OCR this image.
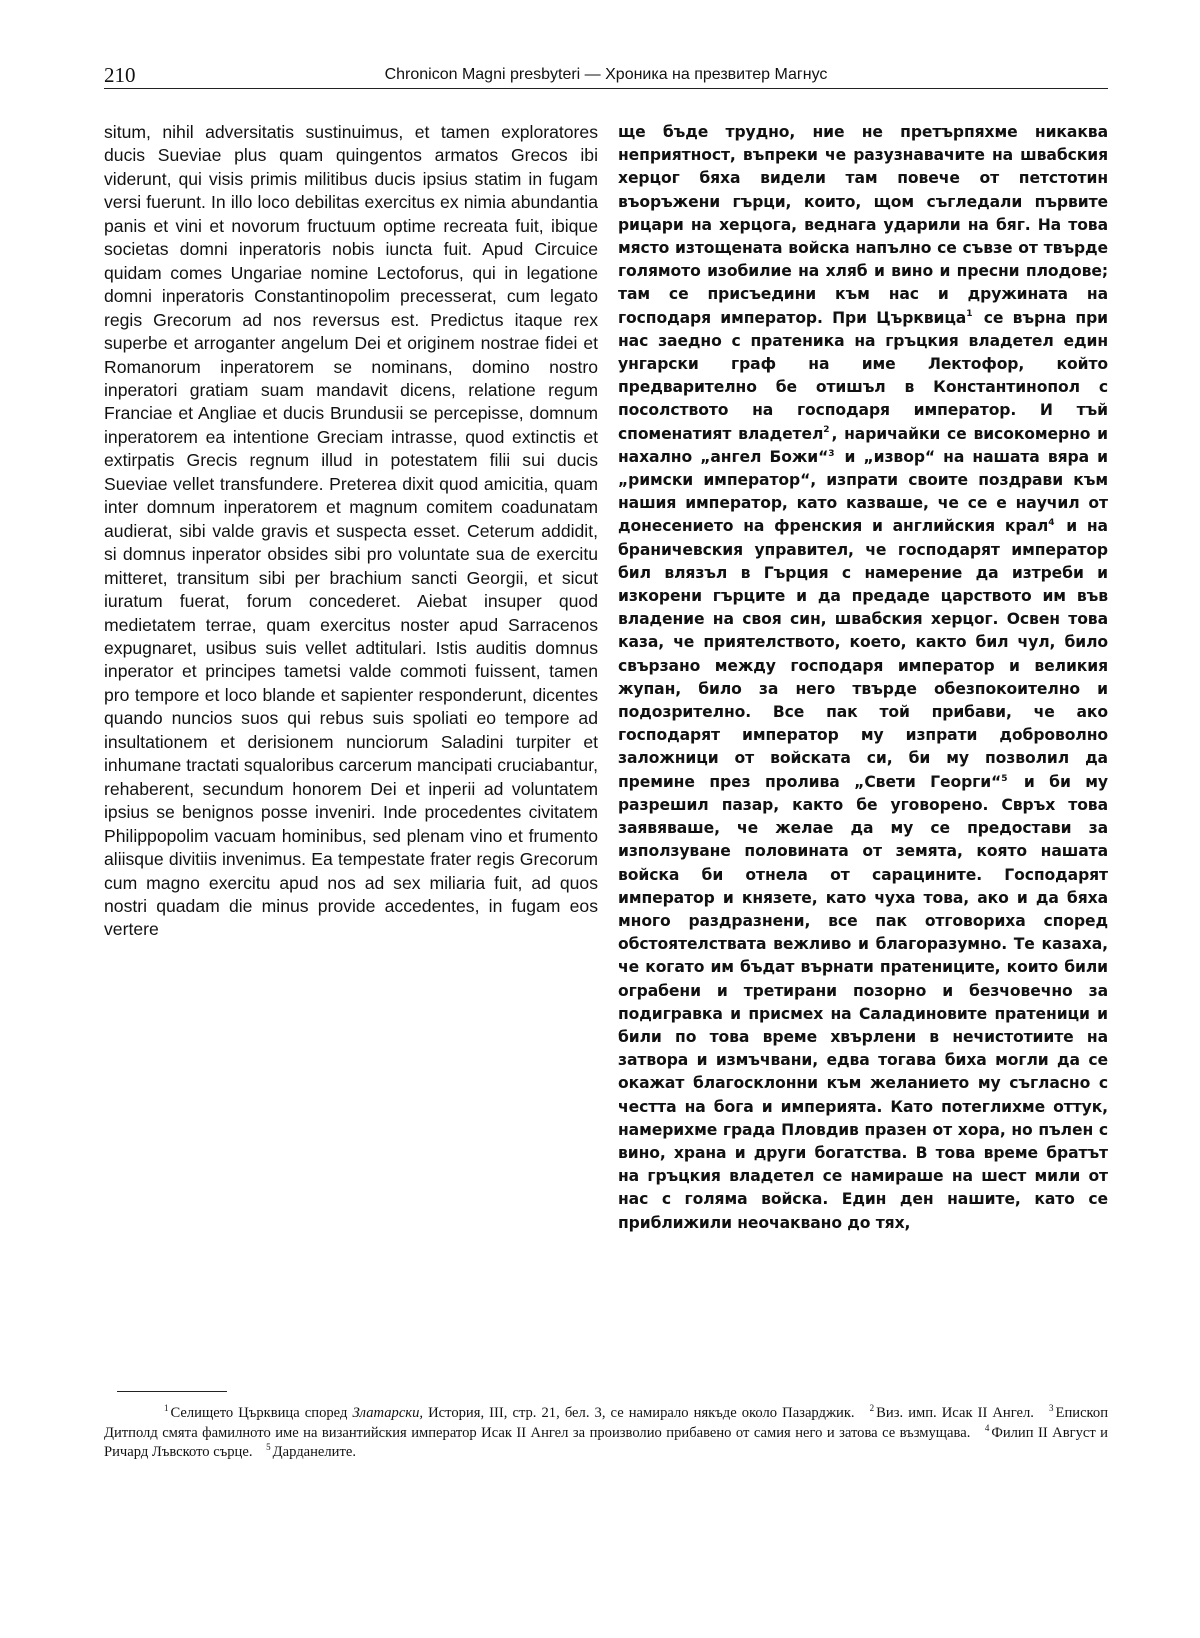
210	Chronicon Magni presbyteri — Хроника на презвитер Магнус

situm, nihil adversitatis sustinuimus, et tamen exploratores ducis Sueviae plus quam quingentos armatos Grecos ibi viderunt, qui visis primis militibus ducis ipsius statim in fugam versi fuerunt. In illo loco debilitas exercitus ex nimia abundantia panis et vini et novorum fructuum optime recreata fuit, ibique societas domni inperatoris nobis iuncta fuit. Apud Circuice quidam comes Ungariae nomine Lectoforus, qui in legatione domni inperatoris Constantinopolim precesserat, cum legato regis Grecorum ad nos reversus est. Predictus itaque rex superbe et arroganter angelum Dei et originem nostrae fidei et Romanorum inperatorem se nominans, domino nostro inperatori gratiam suam mandavit dicens, relatione regum Franciae et Angliae et ducis Brundusii se percepisse, domnum inperatorem ea intentione Greciam intrasse, quod extinctis et extirpatis Grecis regnum illud in potestatem filii sui ducis Sueviae vellet transfundere. Preterea dixit quod amicitia, quam inter domnum inperatorem et magnum comitem coadunatam audierat, sibi valde gravis et suspecta esset. Ceterum addidit, si domnus inperator obsides sibi pro voluntate sua de exercitu mitteret, transitum sibi per brachium sancti Georgii, et sicut iuratum fuerat, forum concederet. Aiebat insuper quod medietatem terrae, quam exercitus noster apud Sarracenos expugnaret, usibus suis vellet adtitulari. Istis auditis domnus inperator et principes tametsi valde commoti fuissent, tamen pro tempore et loco blande et sapienter responderunt, dicentes quando nuncios suos qui rebus suis spoliati eo tempore ad insultationem et derisionem nunciorum Saladini turpiter et inhumane tractati squaloribus carcerum mancipati cruciabantur, rehaberent, secundum honorem Dei et inperii ad voluntatem ipsius se benignos posse inveniri. Inde procedentes civitatem Philippopolim vacuam hominibus, sed plenam vino et frumento aliisque divitiis invenimus. Ea tempestate frater regis Grecorum cum magno exercitu apud nos ad sex miliaria fuit, ad quos nostri quadam die minus provide accedentes, in fugam eos vertere

ще бъде трудно, ние не претърпяхме никаква неприятност, въпреки че разузнавачите на швабския херцог бяха видели там повече от петстотин въоръжени гърци, които, щом съгледали първите рицари на херцога, веднага ударили на бяг. На това място изтощената войска напълно се съвзе от твърде голямото изобилие на хляб и вино и пресни плодове; там се присъедини към нас и дружината на господаря император. При Църквица$^1$ се върна при нас заедно с пратеника на гръцкия владетел един унгарски граф на име Лектофор, който предварително бе отишъл в Константинопол с посолството на господаря император. И тъй споменатият владетел$^2$ , наричайки се високомерно и нахално „ангел Божи“$^3$ и „извор“ на нашата вяра и „римски император“, изпрати своите поздрави към нашия император, като казваше, че се е научил от донесението на френския и английския крал$^4$ и на браничевския управител, че господарят император бил влязъл в Гърция с намерение да изтреби и изкорени гърците и да предаде царството им във владение на своя син, швабския херцог. Освен това каза, че приятелството, което, както бил чул, било свързано между господаря император и великия жупан, било за него твърде обезпокоително и подозрително. Все пак той прибави, че ако господарят император му изпрати доброволно заложници от войската си, би му позволил да премине през пролива „Свети Георги“$^5$ и би му разрешил пазар, както бе уговорено. Свръх това заявяваше, че желае да му се предостави за използуване половината от земята, която нашата войска би отнела от сарацините. Господарят император и князете, като чуха това, ако и да бяха много раздразнени, все пак отговориха според обстоятелствата вежливо и благоразумно. Те казаха, че когато им бъдат върнати пратениците, които били ограбени и третирани позорно и безчовечно за подигравка и присмех на Саладиновите пратеници и били по това време хвърлени в нечистотиите на затвора и измъчвани, едва тогава биха могли да се окажат благосклонни към желанието му съгласно с честта на бога и империята. Като потеглихме оттук, намерихме града Пловдив празен от хора, но пълен с вино, храна и други богатства. В това време братът на гръцкия владетел се намираше на шест мили от нас с голяма войска. Един ден нашите, като се приближили неочаквано до тях,

$^1$ Селището Църквица според Златарски, История, III, стр. 21, бел. 3, се намирало някъде около Пазарджик. $^2$ Виз. имп. Исак II Ангел. $^3$ Епископ Дитполд смята фамилното име на византийския император Исак II Ангел за произволио прибавено от самия него и затова се възмущава. $^4$ Филип II Август и Ричард Лъвското сърце. $^5$ Дарданелите.
